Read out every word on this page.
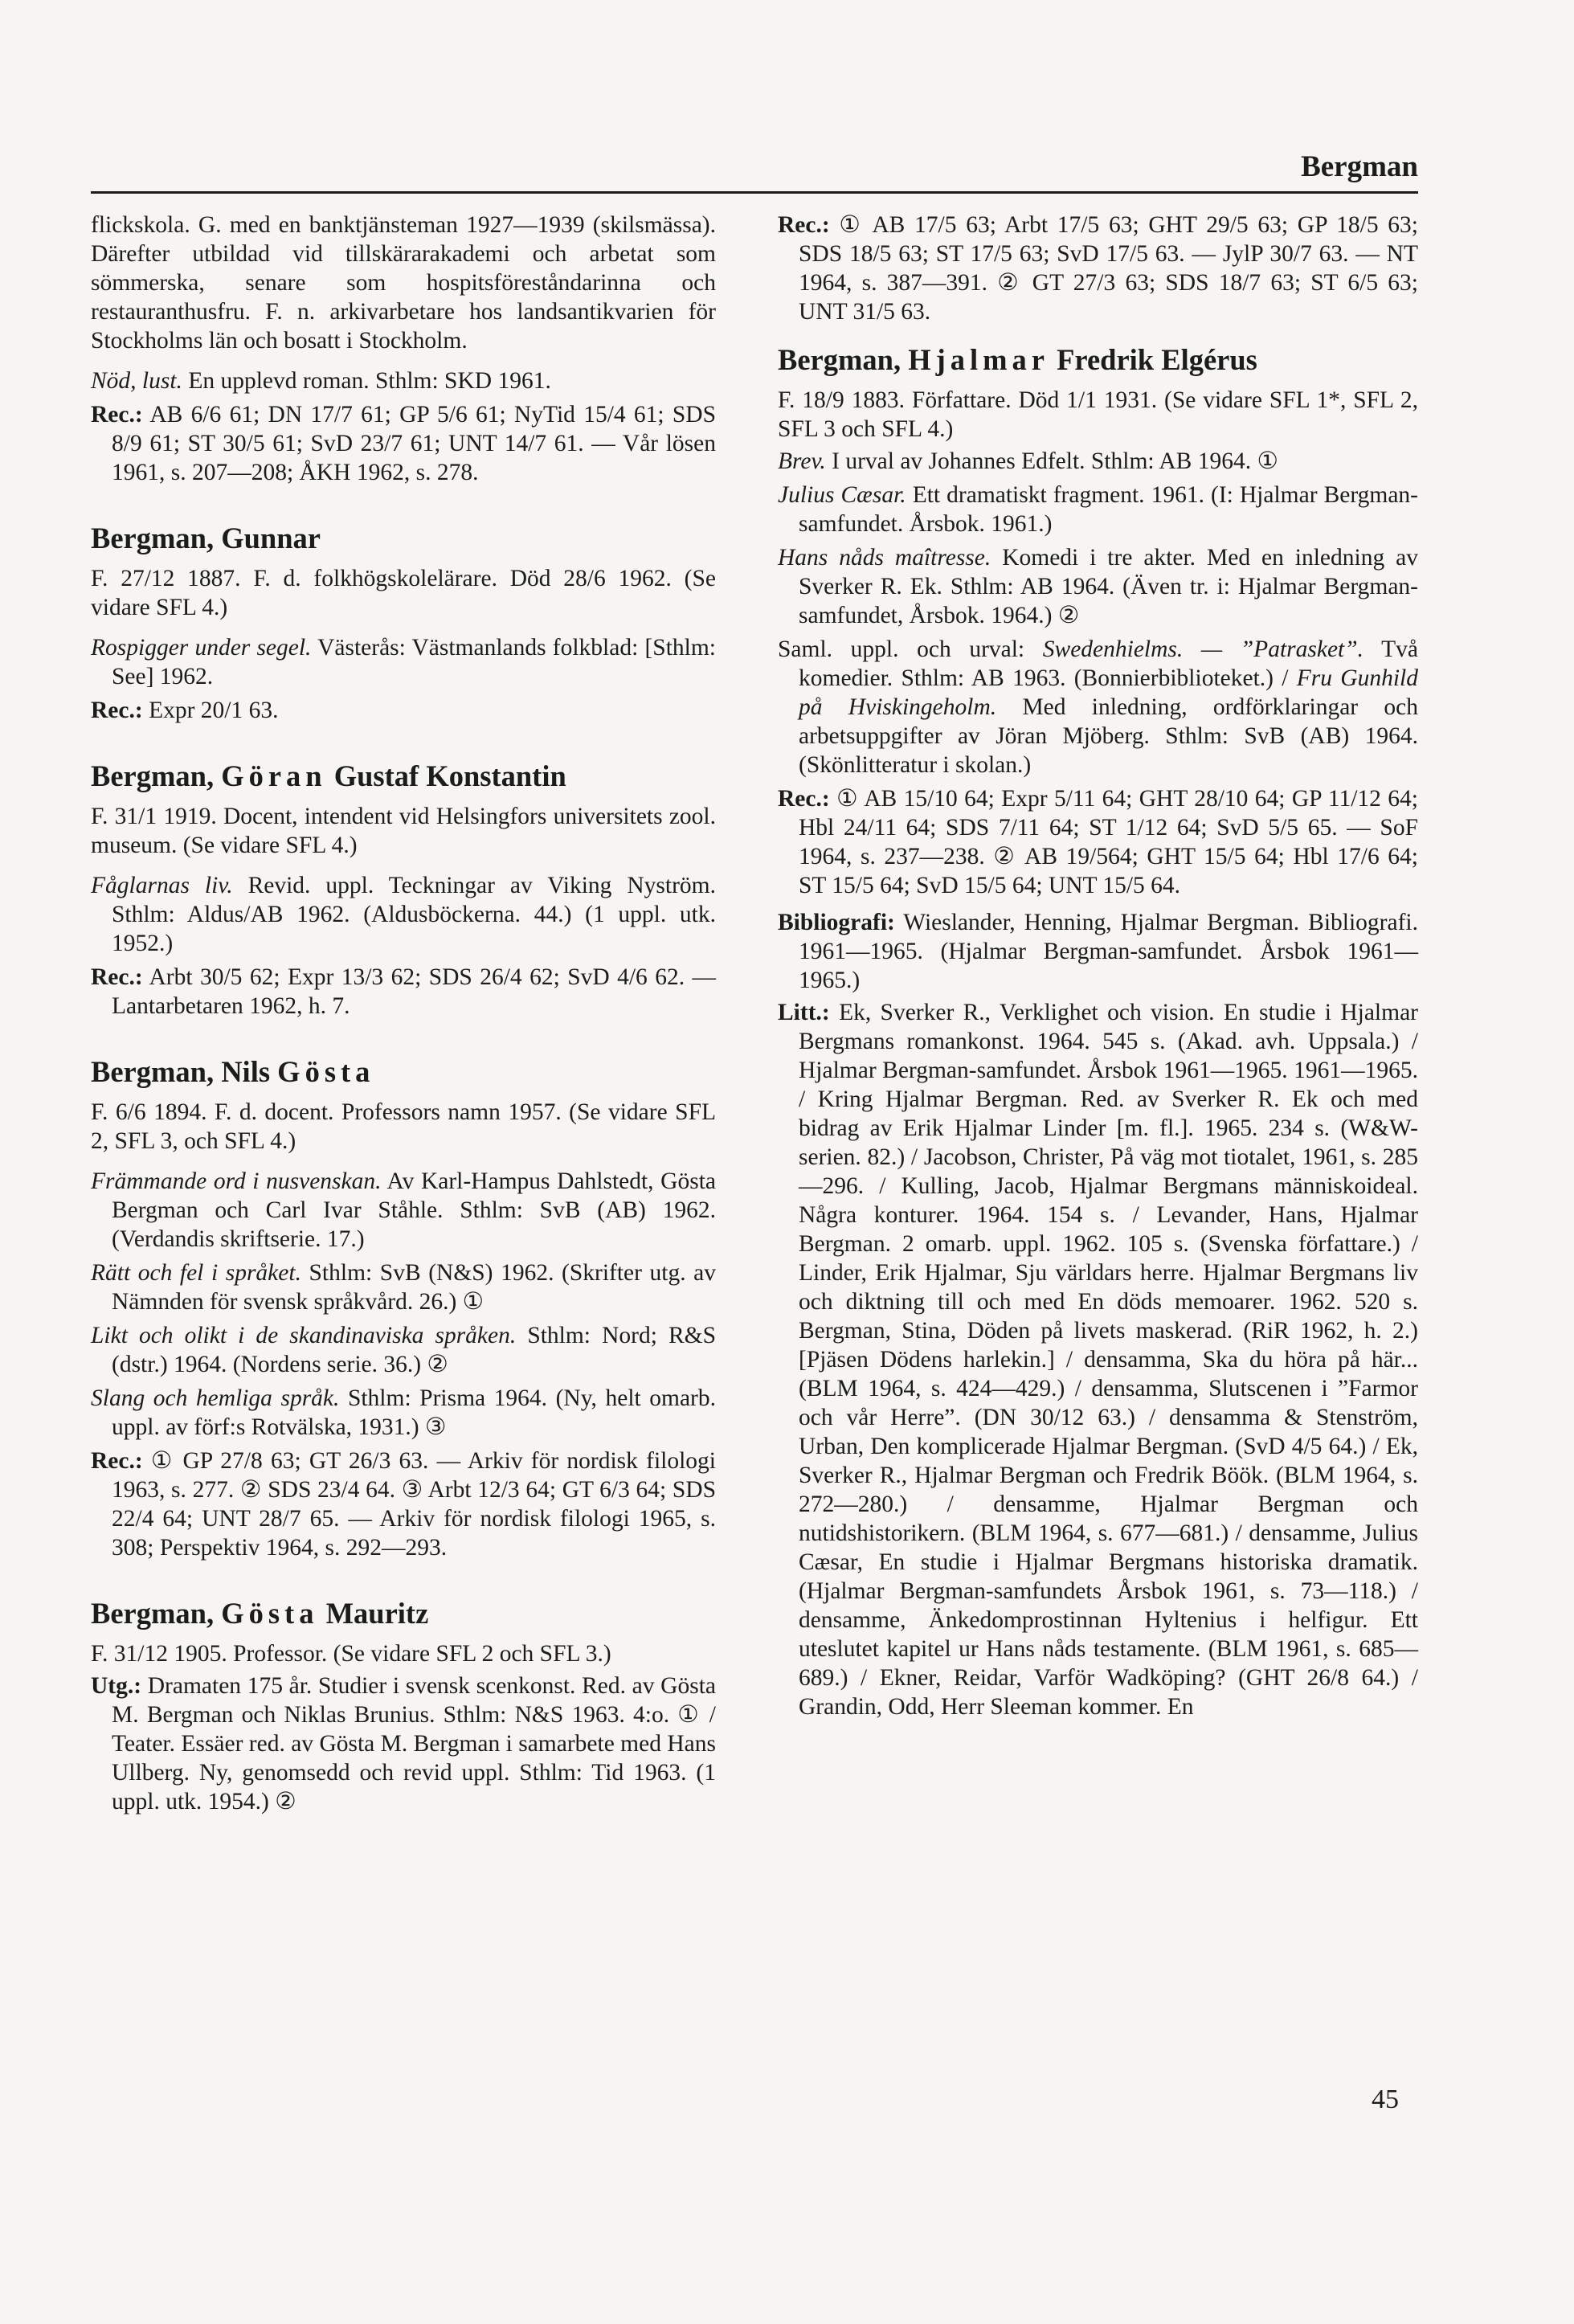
Bergman

flickskola. G. med en banktjänsteman 1927—1939 (skilsmässa). Därefter utbildad vid tillskärarakademi och arbetat som sömmerska, senare som hospitsföreståndarinna och restauranthusfru. F. n. arkivarbetare hos landsantikvarien för Stockholms län och bosatt i Stockholm.

Nöd, lust. En upplevd roman. Sthlm: SKD 1961.

Rec.: AB 6/6 61; DN 17/7 61; GP 5/6 61; NyTid 15/4 61; SDS 8/9 61; ST 30/5 61; SvD 23/7 61; UNT 14/7 61. — Vår lösen 1961, s. 207—208; ÅKH 1962, s. 278.

Bergman, Gunnar

F. 27/12 1887. F. d. folkhögskolelärare. Död 28/6 1962. (Se vidare SFL 4.)

Rospigger under segel. Västerås: Västmanlands folkblad: [Sthlm: See] 1962.

Rec.: Expr 20/1 63.

Bergman, Göran Gustaf Konstantin

F. 31/1 1919. Docent, intendent vid Helsingfors universitets zool. museum. (Se vidare SFL 4.)

Fåglarnas liv. Revid. uppl. Teckningar av Viking Nyström. Sthlm: Aldus/AB 1962. (Aldusböckerna. 44.) (1 uppl. utk. 1952.)

Rec.: Arbt 30/5 62; Expr 13/3 62; SDS 26/4 62; SvD 4/6 62. — Lantarbetaren 1962, h. 7.

Bergman, Nils Gösta

F. 6/6 1894. F. d. docent. Professors namn 1957. (Se vidare SFL 2, SFL 3, och SFL 4.)

Främmande ord i nusvenskan. Av Karl-Hampus Dahlstedt, Gösta Bergman och Carl Ivar Ståhle. Sthlm: SvB (AB) 1962. (Verdandis skriftserie. 17.)

Rätt och fel i språket. Sthlm: SvB (N&S) 1962. (Skrifter utg. av Nämnden för svensk språkvård. 26.) ①

Likt och olikt i de skandinaviska språken. Sthlm: Nord; R&S (dstr.) 1964. (Nordens serie. 36.) ②

Slang och hemliga språk. Sthlm: Prisma 1964. (Ny, helt omarb. uppl. av förf:s Rotvälska, 1931.) ③

Rec.: ① GP 27/8 63; GT 26/3 63. — Arkiv för nordisk filologi 1963, s. 277. ② SDS 23/4 64. ③ Arbt 12/3 64; GT 6/3 64; SDS 22/4 64; UNT 28/7 65. — Arkiv för nordisk filologi 1965, s. 308; Perspektiv 1964, s. 292—293.

Bergman, Gösta Mauritz

F. 31/12 1905. Professor. (Se vidare SFL 2 och SFL 3.)

Utg.: Dramaten 175 år. Studier i svensk scenkonst. Red. av Gösta M. Bergman och Niklas Brunius. Sthlm: N&S 1963. 4:o. ① / Teater. Essäer red. av Gösta M. Bergman i samarbete med Hans Ullberg. Ny, genomsedd och revid uppl. Sthlm: Tid 1963. (1 uppl. utk. 1954.) ②

Rec.: ① AB 17/5 63; Arbt 17/5 63; GHT 29/5 63; GP 18/5 63; SDS 18/5 63; ST 17/5 63; SvD 17/5 63. — JylP 30/7 63. — NT 1964, s. 387—391. ② GT 27/3 63; SDS 18/7 63; ST 6/5 63; UNT 31/5 63.

Bergman, Hjalmar Fredrik Elgérus

F. 18/9 1883. Författare. Död 1/1 1931. (Se vidare SFL 1*, SFL 2, SFL 3 och SFL 4.)

Brev. I urval av Johannes Edfelt. Sthlm: AB 1964. ①

Julius Cæsar. Ett dramatiskt fragment. 1961. (I: Hjalmar Bergman-samfundet. Årsbok. 1961.)

Hans nåds maîtresse. Komedi i tre akter. Med en inledning av Sverker R. Ek. Sthlm: AB 1964. (Även tr. i: Hjalmar Bergman-samfundet, Årsbok. 1964.) ②

Saml. uppl. och urval: Swedenhielms. — ”Patrasket”. Två komedier. Sthlm: AB 1963. (Bonnierbiblioteket.) / Fru Gunhild på Hviskingeholm. Med inledning, ordförklaringar och arbetsuppgifter av Jöran Mjöberg. Sthlm: SvB (AB) 1964. (Skönlitteratur i skolan.)

Rec.: ① AB 15/10 64; Expr 5/11 64; GHT 28/10 64; GP 11/12 64; Hbl 24/11 64; SDS 7/11 64; ST 1/12 64; SvD 5/5 65. — SoF 1964, s. 237—238. ② AB 19/564; GHT 15/5 64; Hbl 17/6 64; ST 15/5 64; SvD 15/5 64; UNT 15/5 64.

Bibliografi: Wieslander, Henning, Hjalmar Bergman. Bibliografi. 1961—1965. (Hjalmar Bergman-samfundet. Årsbok 1961—1965.)

Litt.: Ek, Sverker R., Verklighet och vision. En studie i Hjalmar Bergmans romankonst. 1964. 545 s. (Akad. avh. Uppsala.) / Hjalmar Bergman-samfundet. Årsbok 1961—1965. 1961—1965. / Kring Hjalmar Bergman. Red. av Sverker R. Ek och med bidrag av Erik Hjalmar Linder [m. fl.]. 1965. 234 s. (W&W-serien. 82.) / Jacobson, Christer, På väg mot tiotalet, 1961, s. 285—296. / Kulling, Jacob, Hjalmar Bergmans människoideal. Några konturer. 1964. 154 s. / Levander, Hans, Hjalmar Bergman. 2 omarb. uppl. 1962. 105 s. (Svenska författare.) / Linder, Erik Hjalmar, Sju världars herre. Hjalmar Bergmans liv och diktning till och med En döds memoarer. 1962. 520 s. Bergman, Stina, Döden på livets maskerad. (RiR 1962, h. 2.) [Pjäsen Dödens harlekin.] / densamma, Ska du höra på här... (BLM 1964, s. 424—429.) / densamma, Slutscenen i ”Farmor och vår Herre”. (DN 30/12 63.) / densamma & Stenström, Urban, Den komplicerade Hjalmar Bergman. (SvD 4/5 64.) / Ek, Sverker R., Hjalmar Bergman och Fredrik Böök. (BLM 1964, s. 272—280.) / densamme, Hjalmar Bergman och nutidshistorikern. (BLM 1964, s. 677—681.) / densamme, Julius Cæsar, En studie i Hjalmar Bergmans historiska dramatik. (Hjalmar Bergman-samfundets Årsbok 1961, s. 73—118.) / densamme, Änkedomprostinnan Hyltenius i helfigur. Ett uteslutet kapitel ur Hans nåds testamente. (BLM 1961, s. 685—689.) / Ekner, Reidar, Varför Wadköping? (GHT 26/8 64.) / Grandin, Odd, Herr Sleeman kommer. En

45
